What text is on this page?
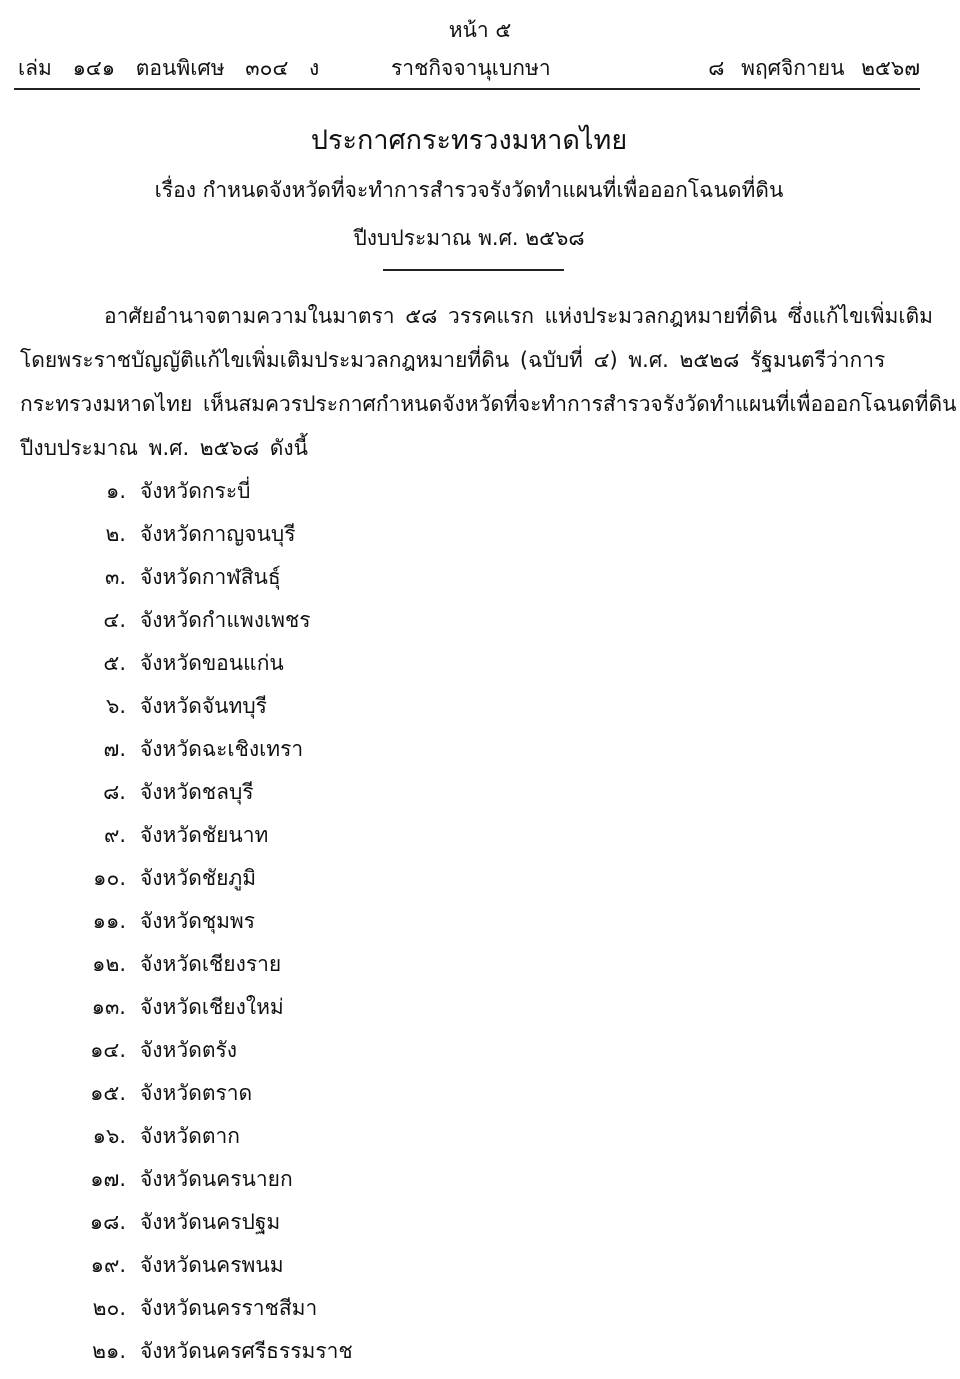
หน้า ๕
เล่ม ๑๔๑ ตอนพิเศษ ๓๐๔ ง	ราชกิจจานุเบกษา	๘ พฤศจิกายน ๒๕๖๗
ประกาศกระทรวงมหาดไทย
เรื่อง กำหนดจังหวัดที่จะทำการสำรวจรังวัดทำแผนที่เพื่อออกโฉนดที่ดิน
ปีงบประมาณ พ.ศ. ๒๕๖๘
อาศัยอำนาจตามความในมาตรา ๕๘ วรรคแรก แห่งประมวลกฎหมายที่ดิน ซึ่งแก้ไขเพิ่มเติม
โดยพระราชบัญญัติแก้ไขเพิ่มเติมประมวลกฎหมายที่ดิน (ฉบับที่ ๔) พ.ศ. ๒๕๒๘ รัฐมนตรีว่าการ
กระทรวงมหาดไทย เห็นสมควรประกาศกำหนดจังหวัดที่จะทำการสำรวจรังวัดทำแผนที่เพื่อออกโฉนดที่ดิน
ปีงบประมาณ พ.ศ. ๒๕๖๘ ดังนี้
๑. จังหวัดกระบี่
๒. จังหวัดกาญจนบุรี
๓. จังหวัดกาฬสินธุ์
๔. จังหวัดกำแพงเพชร
๕. จังหวัดขอนแก่น
๖. จังหวัดจันทบุรี
๗. จังหวัดฉะเชิงเทรา
๘. จังหวัดชลบุรี
๙. จังหวัดชัยนาท
๑๐. จังหวัดชัยภูมิ
๑๑. จังหวัดชุมพร
๑๒. จังหวัดเชียงราย
๑๓. จังหวัดเชียงใหม่
๑๔. จังหวัดตรัง
๑๕. จังหวัดตราด
๑๖. จังหวัดตาก
๑๗. จังหวัดนครนายก
๑๘. จังหวัดนครปฐม
๑๙. จังหวัดนครพนม
๒๐. จังหวัดนครราชสีมา
๒๑. จังหวัดนครศรีธรรมราช
